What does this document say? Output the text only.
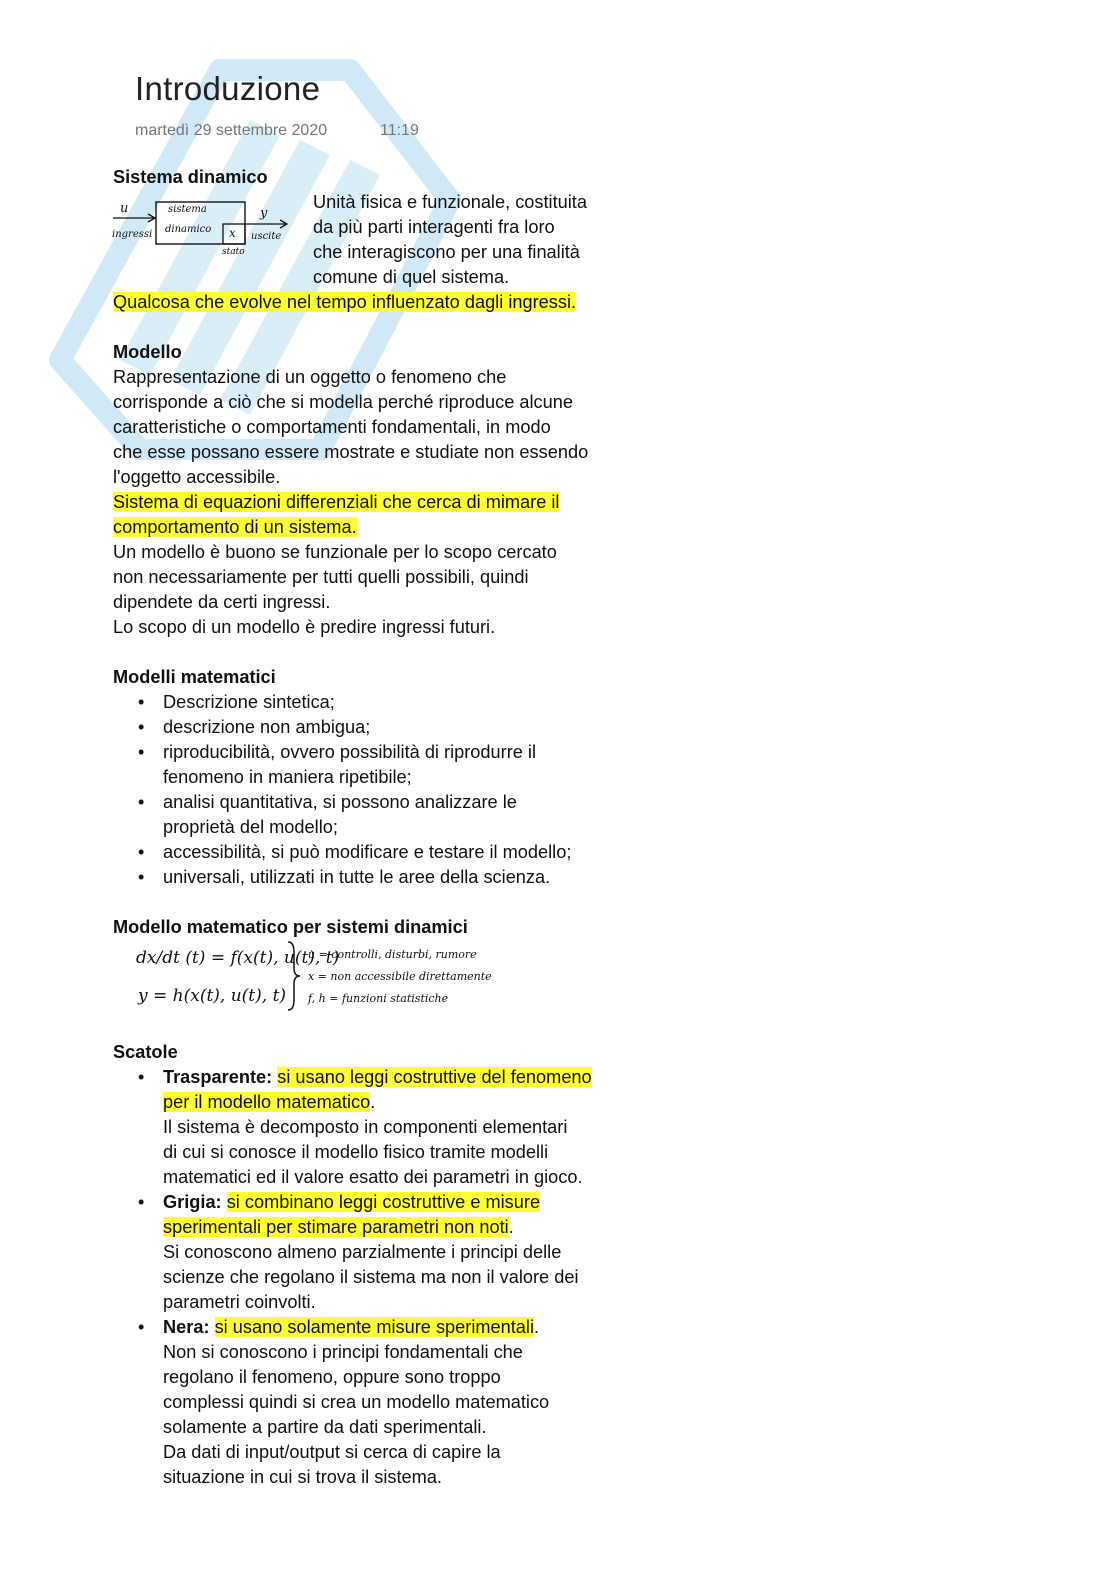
Introduzione
martedì 29 settembre 2020	11:19
Sistema dinamico
u
ingressi
sistema
dinamico x
stato
y
uscite
Unità fisica e funzionale, costituita
da più parti interagenti fra loro
che interagiscono per una finalità
comune di quel sistema.
Qualcosa che evolve nel tempo influenzato dagli ingressi.
Modello
Rappresentazione di un oggetto o fenomeno che
corrisponde a ciò che si modella perché riproduce alcune
caratteristiche o comportamenti fondamentali, in modo
che esse possano essere mostrate e studiate non essendo
l'oggetto accessibile.
Sistema di equazioni differenziali che cerca di mimare il
comportamento di un sistema.
Un modello è buono se funzionale per lo scopo cercato
non necessariamente per tutti quelli possibili, quindi
dipendete da certi ingressi.
Lo scopo di un modello è predire ingressi futuri.
Modelli matematici
• Descrizione sintetica;
• descrizione non ambigua;
• riproducibilità, ovvero possibilità di riprodurre il
fenomeno in maniera ripetibile;
• analisi quantitativa, si possono analizzare le
proprietà del modello;
• accessibilità, si può modificare e testare il modello;
• universali, utilizzati in tutte le aree della scienza.
Modello matematico per sistemi dinamici
dx/dt (t) = f(x(t), u(t), t)
y = h(x(t), u(t), t)
u = controlli, disturbi, rumore
x = non accessibile direttamente
f, h = funzioni statistiche
Scatole
• Trasparente: si usano leggi costruttive del fenomeno
per il modello matematico.
Il sistema è decomposto in componenti elementari
di cui si conosce il modello fisico tramite modelli
matematici ed il valore esatto dei parametri in gioco.
• Grigia: si combinano leggi costruttive e misure
sperimentali per stimare parametri non noti.
Si conoscono almeno parzialmente i principi delle
scienze che regolano il sistema ma non il valore dei
parametri coinvolti.
• Nera: si usano solamente misure sperimentali.
Non si conoscono i principi fondamentali che
regolano il fenomeno, oppure sono troppo
complessi quindi si crea un modello matematico
solamente a partire da dati sperimentali.
Da dati di input/output si cerca di capire la
situazione in cui si trova il sistema.
